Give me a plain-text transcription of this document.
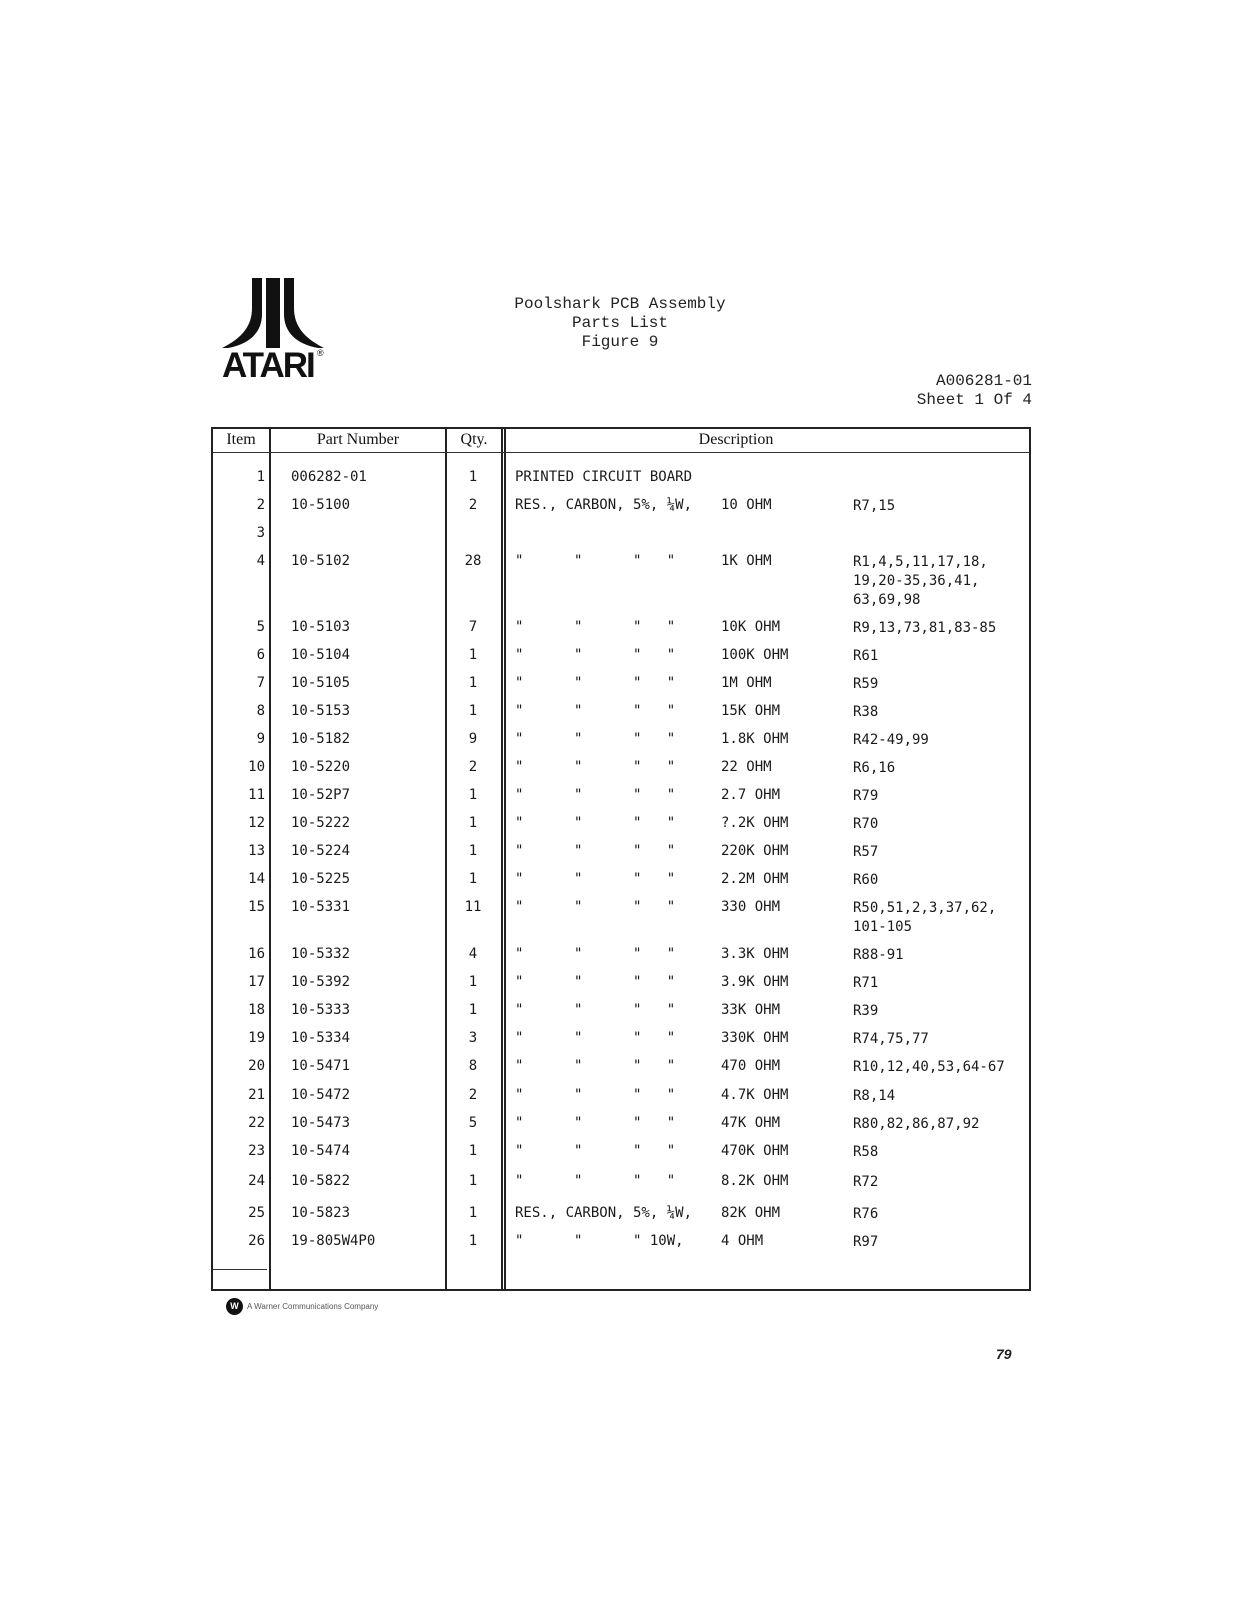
ATARI ®
Poolshark PCB Assembly
Parts List
Figure 9
A006281-01
Sheet 1 Of 4
Item	Part Number	Qty.	Description
1 006282-01	1	PRINTED CIRCUIT BOARD
2 10-5100	2	RES., CARBON, 5%, ¼W, 10 OHM	R7,15
3
4 10-5102	28	"      "      "   "	1K OHM	R1,4,5,11,17,18,
19,20-35,36,41,
63,69,98
5 10-5103	7	"      "      "   "	10K OHM	R9,13,73,81,83-85
6 10-5104	1	"      "      "   "	100K OHM	R61
7 10-5105	1	"      "      "   "	1M OHM	R59
8 10-5153	1	"      "      "   "	15K OHM	R38
9 10-5182	9	"      "      "   "	1.8K OHM	R42-49,99
10 10-5220	2	"      "      "   "	22 OHM	R6,16
11 10-52P7	1	"      "      "   "	2.7 OHM	R79
12 10-5222	1	"      "      "   "	?.2K OHM	R70
13 10-5224	1	"      "      "   "	220K OHM	R57
14 10-5225	1	"      "      "   "	2.2M OHM	R60
15 10-5331	11	"      "      "   "	330 OHM	R50,51,2,3,37,62,
101-105
16 10-5332	4	"      "      "   "	3.3K OHM	R88-91
17 10-5392	1	"      "      "   "	3.9K OHM	R71
18 10-5333	1	"      "      "   "	33K OHM	R39
19 10-5334	3	"      "      "   "	330K OHM	R74,75,77
20 10-5471	8	"      "      "   "	470 OHM	R10,12,40,53,64-67
21 10-5472	2	"      "      "   "	4.7K OHM	R8,14
22 10-5473	5	"      "      "   "	47K OHM	R80,82,86,87,92
23 10-5474	1	"      "      "   "	470K OHM	R58
24 10-5822	1	"      "      "   "	8.2K OHM	R72
25 10-5823	1	RES., CARBON, 5%, ¼W, 82K OHM	R76
26 19-805W4P0	1	"      "      " 10W,	4 OHM	R97
W	A Warner Communications Company
79
